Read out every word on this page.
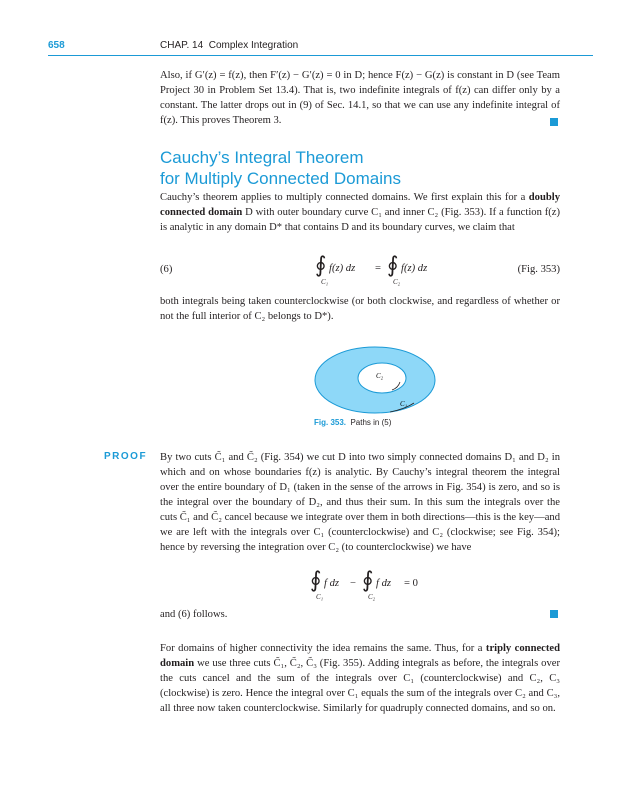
658	CHAP. 14 Complex Integration

Also, if G′(z) = f(z), then F′(z) − G′(z) = 0 in D; hence F(z) − G(z) is constant in D (see Team Project 30 in Problem Set 13.4). That is, two indefinite integrals of f(z) can differ only by a constant. The latter drops out in (9) of Sec. 14.1, so that we can use any indefinite integral of f(z). This proves Theorem 3.

Cauchy’s Integral Theorem
for Multiply Connected Domains

Cauchy’s theorem applies to multiply connected domains. We first explain this for a doubly connected domain D with outer boundary curve C₁ and inner C₂ (Fig. 353). If a function f(z) is analytic in any domain D* that contains D and its boundary curves, we claim that

(6)	∮
C₁
f(z) dz = ∮
C₂
f(z) dz	(Fig. 353)

both integrals being taken counterclockwise (or both clockwise, and regardless of whether or not the full interior of C₂ belongs to D*).

C₂
C₁
Fig. 353. Paths in (5)
PROOF By two cuts C̃₁ and C̃₂ (Fig. 354) we cut D into two simply connected domains D₁ and D₂ in which and on whose boundaries f(z) is analytic. By Cauchy’s integral theorem the integral over the entire boundary of D₁ (taken in the sense of the arrows in Fig. 354) is zero, and so is the integral over the boundary of D₂, and thus their sum. In this sum the integrals over the cuts C̃₁ and C̃₂ cancel because we integrate over them in both directions—this is the key—and we are left with the integrals over C₁ (counterclockwise) and C₂ (clockwise; see Fig. 354); hence by reversing the integration over C₂ (to counterclockwise) we have

∮
C₁
f dz − ∮
C₂
f dz = 0

and (6) follows.

For domains of higher connectivity the idea remains the same. Thus, for a triply connected domain we use three cuts C̃₁, C̃₂, C̃₃ (Fig. 355). Adding integrals as before, the integrals over the cuts cancel and the sum of the integrals over C₁ (counterclockwise) and C₂, C₃ (clockwise) is zero. Hence the integral over C₁ equals the sum of the integrals over C₂ and C₃, all three now taken counterclockwise. Similarly for quadruply connected domains, and so on.
